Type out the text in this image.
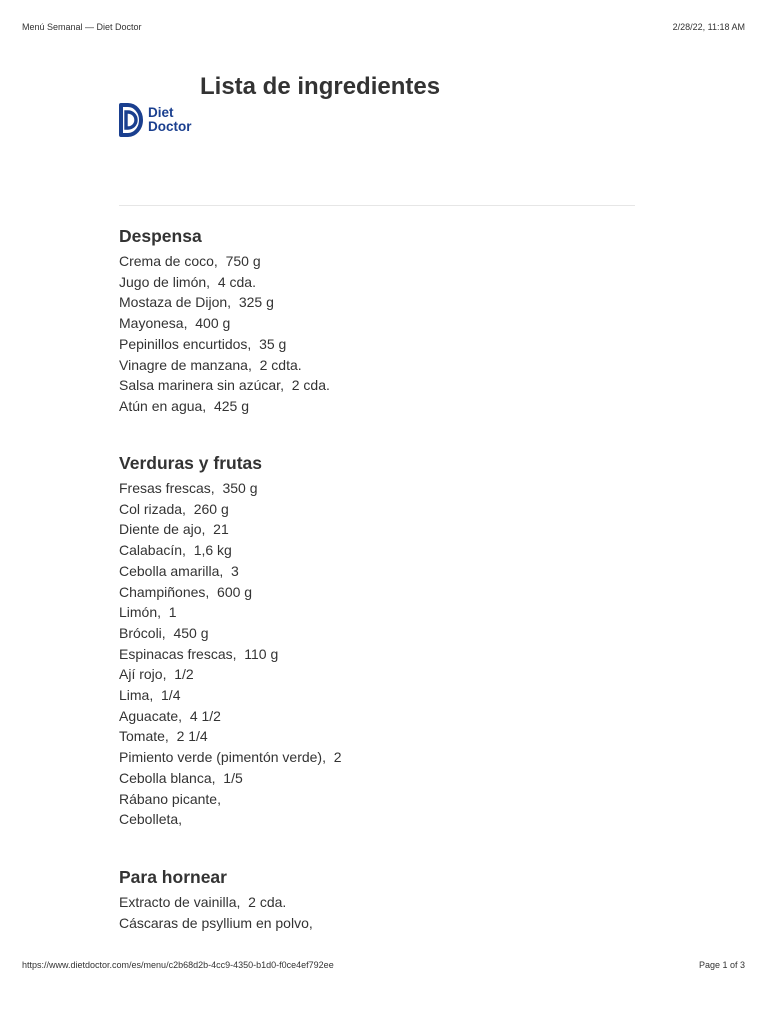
Menú Semanal — Diet Doctor	2/28/22, 11:18 AM
Lista de ingredientes
Diet
Doctor
Despensa
Crema de coco,  750 g
Jugo de limón,  4 cda.
Mostaza de Dijon,  325 g
Mayonesa,  400 g
Pepinillos encurtidos,  35 g
Vinagre de manzana,  2 cdta.
Salsa marinera sin azúcar,  2 cda.
Atún en agua,  425 g
Verduras y frutas
Fresas frescas,  350 g
Col rizada,  260 g
Diente de ajo,  21
Calabacín,  1,6 kg
Cebolla amarilla,  3
Champiñones,  600 g
Limón,  1
Brócoli,  450 g
Espinacas frescas,  110 g
Ají rojo,  1/2
Lima,  1/4
Aguacate,  4 1/2
Tomate,  2 1/4
Pimiento verde (pimentón verde),  2
Cebolla blanca,  1/5
Rábano picante,
Cebolleta,
Para hornear
Extracto de vainilla,  2 cda.
Cáscaras de psyllium en polvo,
https://www.dietdoctor.com/es/menu/c2b68d2b-4cc9-4350-b1d0-f0ce4ef792ee	Page 1 of 3
